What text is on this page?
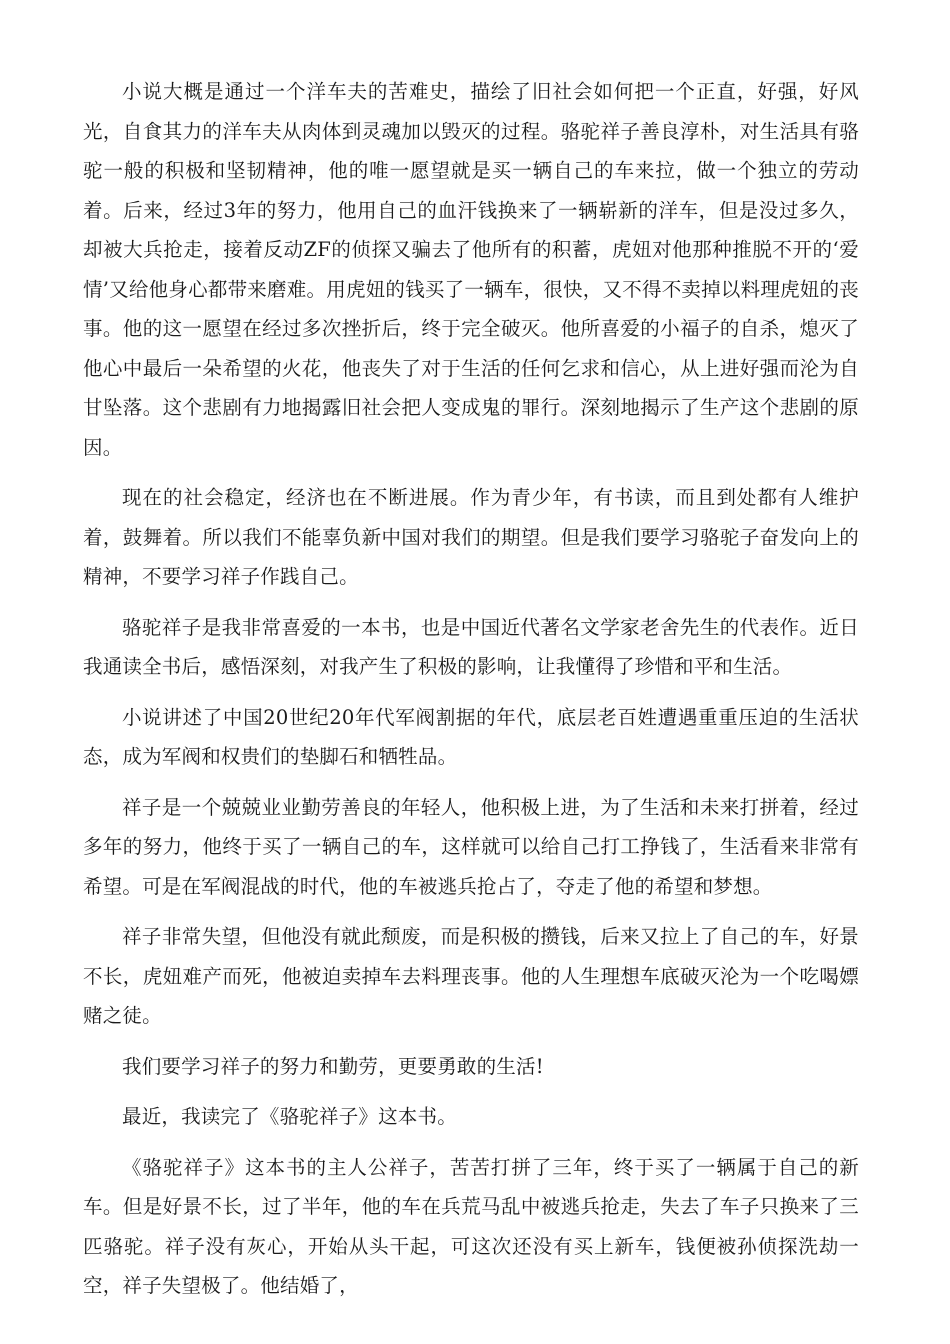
小说大概是通过一个洋车夫的苦难史，描绘了旧社会如何把一个正直，好强，好风光，自食其力的洋车夫从肉体到灵魂加以毁灭的过程。骆驼祥子善良淳朴，对生活具有骆驼一般的积极和坚韧精神，他的唯一愿望就是买一辆自己的车来拉，做一个独立的劳动着。后来，经过3年的努力，他用自己的血汗钱换来了一辆崭新的洋车，但是没过多久，却被大兵抢走，接着反动ZF的侦探又骗去了他所有的积蓄，虎妞对他那种推脱不开的‘爱情’又给他身心都带来磨难。用虎妞的钱买了一辆车，很快，又不得不卖掉以料理虎妞的丧事。他的这一愿望在经过多次挫折后，终于完全破灭。他所喜爱的小福子的自杀，熄灭了他心中最后一朵希望的火花，他丧失了对于生活的任何乞求和信心，从上进好强而沦为自甘坠落。这个悲剧有力地揭露旧社会把人变成鬼的罪行。深刻地揭示了生产这个悲剧的原因。

现在的社会稳定，经济也在不断进展。作为青少年，有书读，而且到处都有人维护着，鼓舞着。所以我们不能辜负新中国对我们的期望。但是我们要学习骆驼子奋发向上的精神，不要学习祥子作践自己。

骆驼祥子是我非常喜爱的一本书，也是中国近代著名文学家老舍先生的代表作。近日我通读全书后，感悟深刻，对我产生了积极的影响，让我懂得了珍惜和平和生活。

小说讲述了中国20世纪20年代军阀割据的年代，底层老百姓遭遇重重压迫的生活状态，成为军阀和权贵们的垫脚石和牺牲品。

祥子是一个兢兢业业勤劳善良的年轻人，他积极上进，为了生活和未来打拼着，经过多年的努力，他终于买了一辆自己的车，这样就可以给自己打工挣钱了，生活看来非常有希望。可是在军阀混战的时代，他的车被逃兵抢占了，夺走了他的希望和梦想。

祥子非常失望，但他没有就此颓废，而是积极的攒钱，后来又拉上了自己的车，好景不长，虎妞难产而死，他被迫卖掉车去料理丧事。他的人生理想车底破灭沦为一个吃喝嫖赌之徒。

我们要学习祥子的努力和勤劳，更要勇敢的生活!

最近，我读完了《骆驼祥子》这本书。

《骆驼祥子》这本书的主人公祥子，苦苦打拼了三年，终于买了一辆属于自己的新车。但是好景不长，过了半年，他的车在兵荒马乱中被逃兵抢走，失去了车子只换来了三匹骆驼。祥子没有灰心，开始从头干起，可这次还没有买上新车，钱便被孙侦探洗劫一空，祥子失望极了。他结婚了，
